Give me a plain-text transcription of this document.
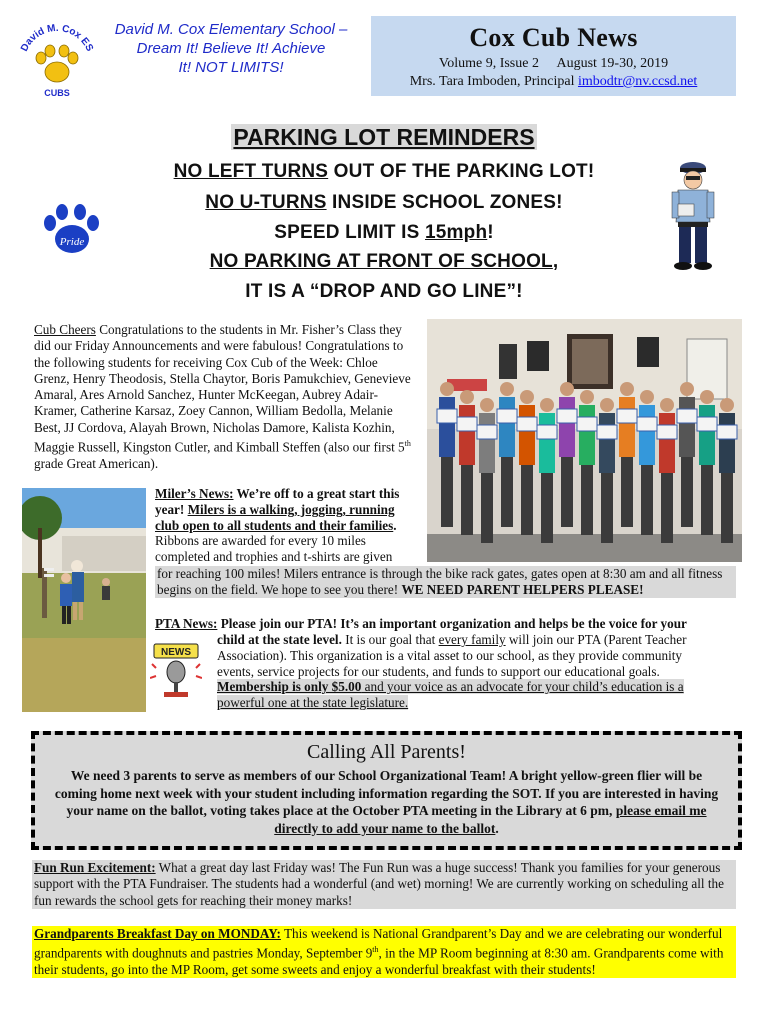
David M. Cox ES
CUBS
David M. Cox Elementary School –
Dream It! Believe It! Achieve
It! NOT LIMITS!
Cox Cub News
Volume 9, Issue 2 August 19-30, 2019
Mrs. Tara Imboden, Principal imbodtr@nv.ccsd.net
PARKING LOT REMINDERS
NO LEFT TURNS OUT OF THE PARKING LOT!
NO U-TURNS INSIDE SCHOOL ZONES!
SPEED LIMIT IS 15mph!
NO PARKING AT FRONT OF SCHOOL,
IT IS A “DROP AND GO LINE”!
Pride
Cub Cheers Congratulations to the students in Mr. Fisher’s Class they did our Friday Announcements and were fabulous! Congratulations to the following students for receiving Cox Cub of the Week: Chloe Grenz, Henry Theodosis, Stella Chaytor, Boris Pamukchiev, Genevieve Amaral, Ares Arnold Sanchez, Hunter McKeegan, Aubrey Adair-Kramer, Catherine Karsaz, Zoey Cannon, William Bedolla, Melanie Best, JJ Cordova, Alayah Brown, Nicholas Damore, Kalista Kozhin, Maggie Russell, Kingston Cutler, and Kimball Steffen (also our first 5th grade Great American).
Miler’s News: We’re off to a great start this year! Milers is a walking, jogging, running club open to all students and their families. Ribbons are awarded for every 10 miles completed and trophies and t-shirts are given
for reaching 100 miles! Milers entrance is through the bike rack gates, gates open at 8:30 am and all fitness begins on the field. We hope to see you there! WE NEED PARENT HELPERS PLEASE!
PTA News: Please join our PTA! It’s an important organization and helps be the voice for your
NEWS
child at the state level. It is our goal that every family will join our PTA (Parent Teacher Association). This organization is a vital asset to our school, as they provide community events, service projects for our students, and funds to support our educational goals. Membership is only $5.00 and your voice as an advocate for your child’s education is a powerful one at the state legislature.
Calling All Parents!
We need 3 parents to serve as members of our School Organizational Team! A bright yellow-green flier will be coming home next week with your student including information regarding the SOT. If you are interested in having your name on the ballot, voting takes place at the October PTA meeting in the Library at 6 pm, please email me directly to add your name to the ballot.
Fun Run Excitement: What a great day last Friday was! The Fun Run was a huge success! Thank you families for your generous support with the PTA Fundraiser. The students had a wonderful (and wet) morning! We are currently working on scheduling all the fun rewards the school gets for reaching their money marks!
Grandparents Breakfast Day on MONDAY: This weekend is National Grandparent’s Day and we are celebrating our wonderful grandparents with doughnuts and pastries Monday, September 9th, in the MP Room beginning at 8:30 am. Grandparents come with their students, go into the MP Room, get some sweets and enjoy a wonderful breakfast with their students!
